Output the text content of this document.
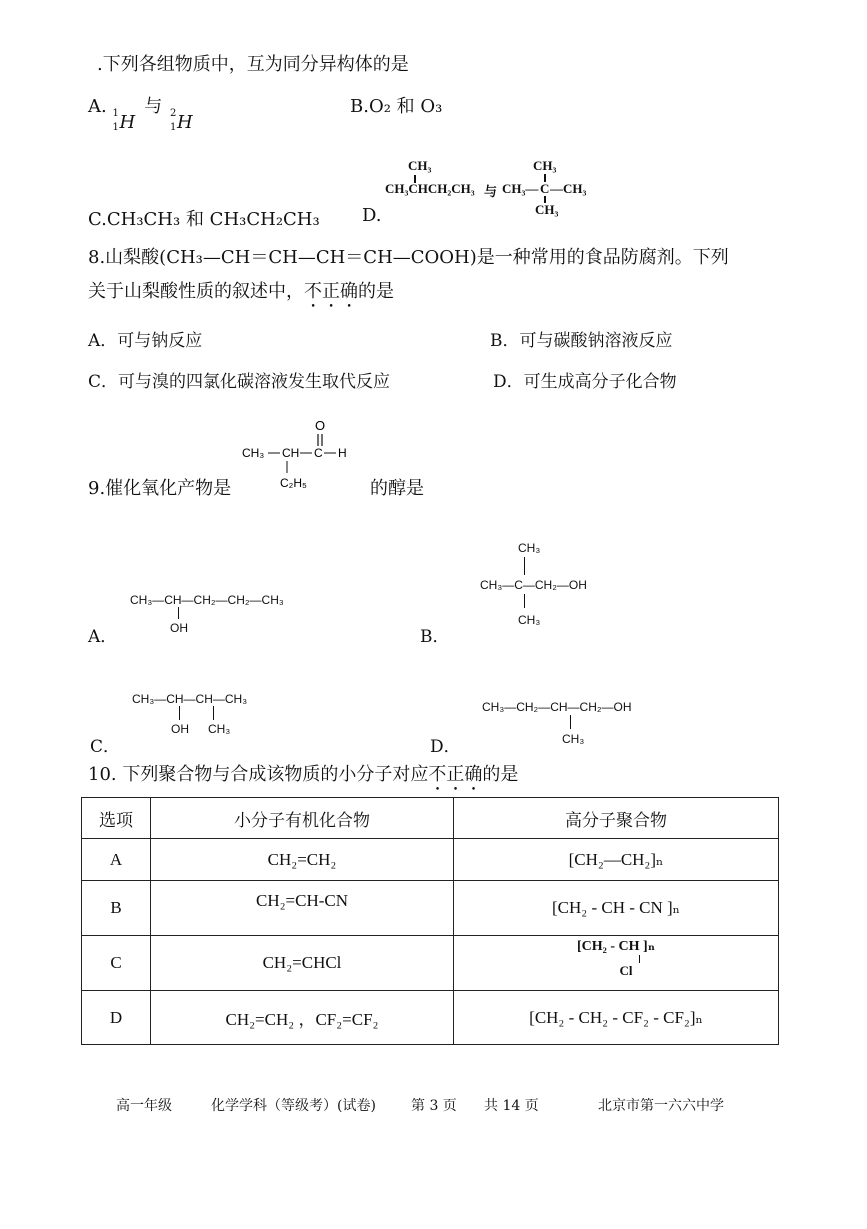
.下列各组物质中，互为同分异构体的是
A. 1
1 H
与 2
1 H
B.O₂ 和 O₃
C.CH₃CH₃ 和 CH₃CH₂CH₃ D.
CH₃
CH₃CHCH₂CH₃ 与
CH₃
CH₃— C —CH₃
CH₃
8.山梨酸(CH₃—CH＝CH—CH＝CH—COOH)是一种常用的食品防腐剂。下列
关于山梨酸性质的叙述中，不正确的是
A．可与钠反应	B．可与碳酸钠溶液反应
C．可与溴的四氯化碳溶液发生取代反应	D．可生成高分子化合物
9.催化氧化产物是
O
CH₃ CH C H
C₂H₅	的醇是
A．
CH₃—CH—CH₂—CH₂—CH₃
OH	B．
CH₃
CH₃—C—CH₂—OH
CH₃
C．
CH₃—CH—CH—CH₃
OH CH₃
D．
CH₃—CH₂—CH—CH₂—OH
CH₃
10. 下列聚合物与合成该物质的小分子对应不正确的是
选项	小分子有机化合物	高分子聚合物
A	CH₂=CH₂	[CH₂—CH₂]ₙ
B	CH₂=CH-CN	[CH₂ - CH - CN ]ₙ
C	CH₂=CHCl	[CH₂ - CH ]ₙ
Cl

D	CH₂=CH₂ ，CF₂=CF₂	[CH₂ - CH₂ - CF₂ - CF₂]ₙ
高一年级	化学学科（等级考）(试卷)	第 3 页 共 14 页	北京市第一六六中学
